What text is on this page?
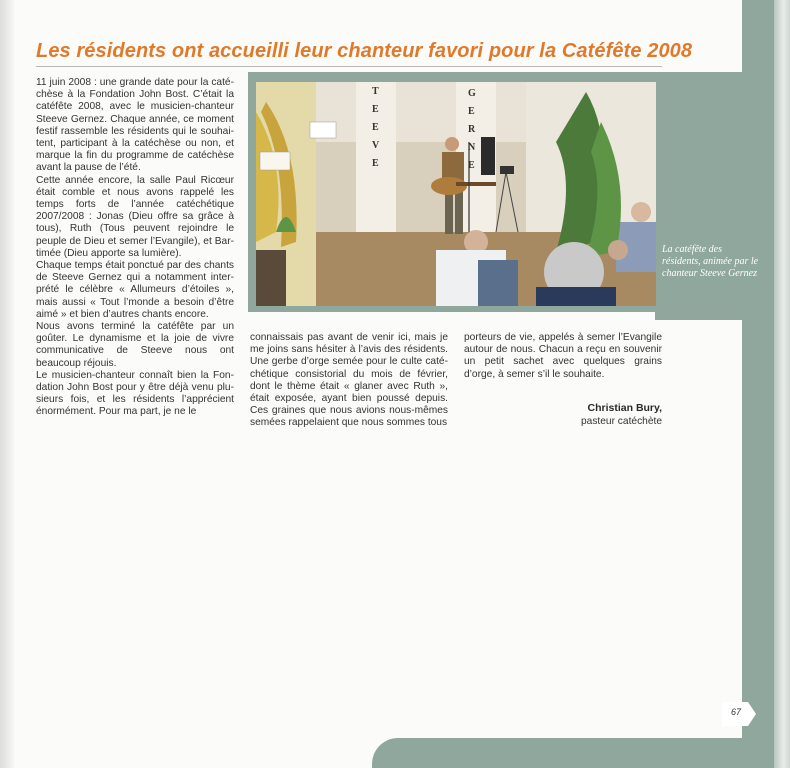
Les résidents ont accueilli leur chanteur favori pour la Catéfête 2008

11 juin 2008 : une grande date pour la catéchèse à la Fondation John Bost. C’était la catéfête 2008, avec le musicien-chanteur Steeve Gernez. Chaque année, ce moment festif rassemble les résidents qui le souhaitent, participant à la catéchèse ou non, et marque la fin du programme de catéchèse avant la pause de l’été.

Cette année encore, la salle Paul Ricœur était comble et nous avons rappelé les temps forts de l’année catéchétique 2007/2008 : Jonas (Dieu offre sa grâce à tous), Ruth (Tous peuvent rejoindre le peuple de Dieu et semer l’Evangile), et Bartimée (Dieu apporte sa lumière).

Chaque temps était ponctué par des chants de Steeve Gernez qui a notamment interprété le célèbre « Allumeurs d’étoiles », mais aussi « Tout l’monde a besoin d’être aimé » et bien d’autres chants encore.

Nous avons terminé la catéfête par un goûter. Le dynamisme et la joie de vivre communicative de Steeve nous ont beaucoup réjouis.

Le musicien-chanteur connaît bien la Fondation John Bost pour y être déjà venu plusieurs fois, et les résidents l’apprécient énormément. Pour ma part, je ne le

connaissais pas avant de venir ici, mais je me joins sans hésiter à l’avis des résidents. Une gerbe d’orge semée pour le culte catéchétique consistorial du mois de février, dont le thème était « glaner avec Ruth », était exposée, ayant bien poussé depuis. Ces graines que nous avions nous-mêmes semées rappelaient que nous sommes tous

porteurs de vie, appelés à semer l’Evangile autour de nous. Chacun a reçu en souvenir un petit sachet avec quelques grains d’orge, à semer s’il le souhaite.

Christian Bury,
pasteur catéchète
T E E V E
G E R N E
La catéfête des résidents, animée par le chanteur Steeve Gernez
67
